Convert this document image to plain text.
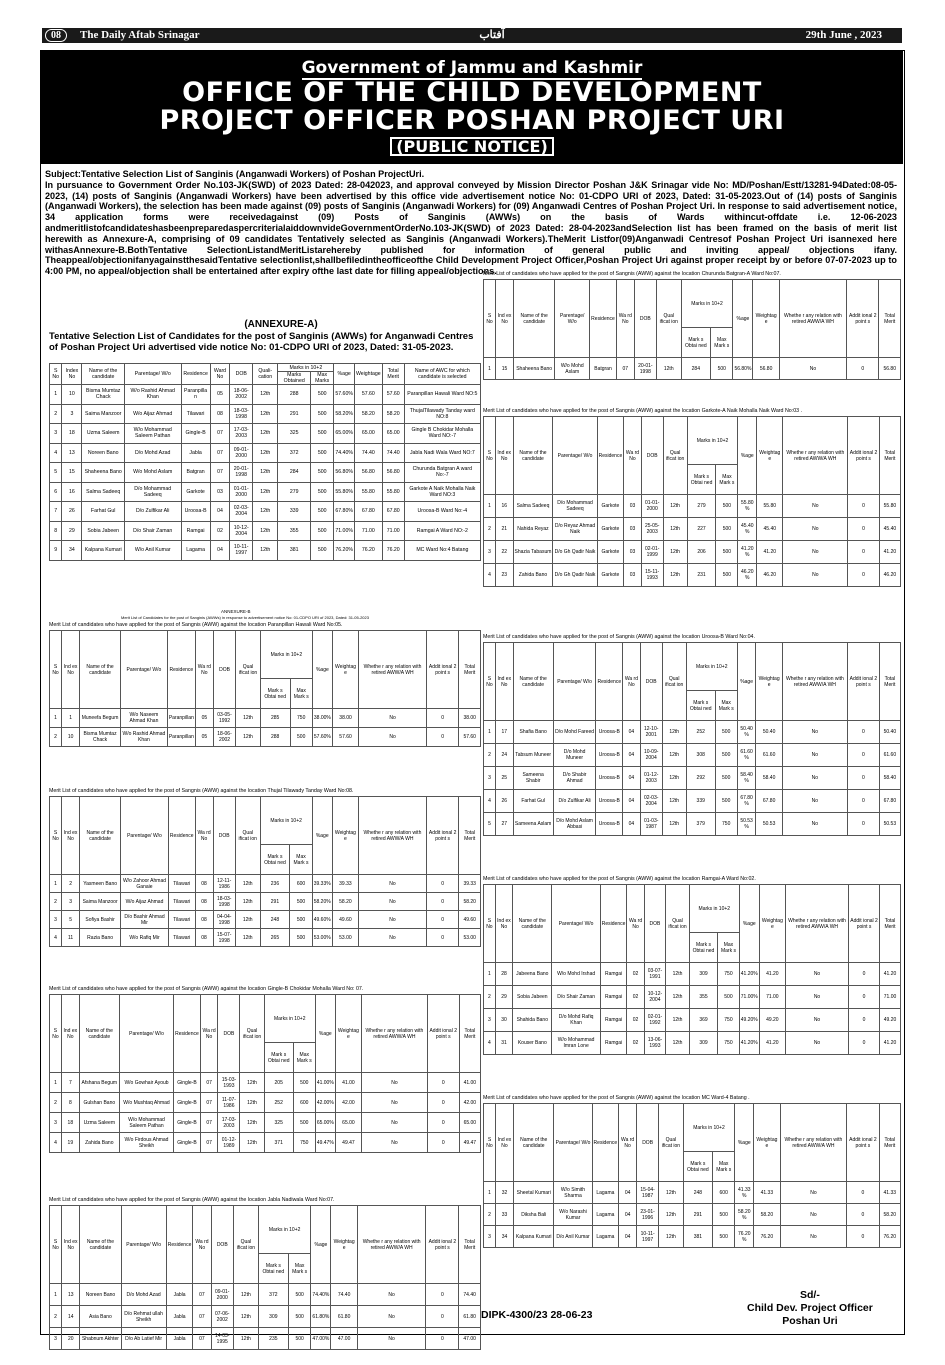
08	The Daily Aftab Srinagar	آفتاب	29th June , 2023
Government of Jammu and Kashmir
OFFICE OF THE CHILD DEVELOPMENT
PROJECT OFFICER POSHAN PROJECT URI
(PUBLIC NOTICE)
Subject:Tentative Selection List of Sanginis (Anganwadi Workers) of Poshan ProjectUri.
In pursuance to Government Order No.103-JK(SWD) of 2023 Dated: 28-042023, and approval conveyed by Mission Director Poshan J&K Srinagar vide No: MD/Poshan/Estt/13281-94Dated:08-05-2023, (14) posts of Sanginis (Anganwadi Workers) have been advertised by this office vide advertisement notice No: 01-CDPO URI of 2023, Dated: 31-05-2023.Out of (14) posts of Sanginis (Anganwadi Workers), the selection has been made against (09) posts of Sanginis (Anganwadi Workers) for (09) Anganwadi Centres of Poshan Project Uri. In response to said advertisement notice, 34 application forms were receivedagainst (09) Posts of Sanginis (AWWs) on the basis of Wards withincut-offdate i.e. 12-06-2023 andmeritlistofcandidateshasbeenpreparedaspercriterialaiddownvideGovernmentOrderNo.103-JK(SWD) of 2023 Dated: 28-04-2023andSelection list has been framed on the basis of merit list herewith as Annexure-A, comprising of 09 candidates Tentatively selected as Sanginis (Anganwadi Workers).TheMerit Listfor(09)Anganwadi Centresof Poshan Project Uri isannexed here withasAnnexure-B.BothTentative SelectionListandMeritListarehereby published for information of general public and inviting appeal/ objections ifany. Theappeal/objectionifanyagainstthesaidTentative selectionlist,shallbefiledintheofficeofthe Child Development Project Officer,Poshan Project Uri against proper receipt by or before 07-07-2023 up to 4:00 PM, no appeal/objection shall be entertained after expiry ofthe last date for filling appeal/objections.
(ANNEXURE-A)
Tentative Selection List of Candidates for the post of Sanginis (AWWs) for Anganwadi Centres of Poshan Project Uri advertised vide notice No: 01-CDPO URI of 2023, Dated: 31-05-2023.
S No	Index No	Name of the candidate	Parentage/ W/o	Residence	Ward No	DOB	Quali- cation	Marks in 10+2		%age	Weightage	Total Merit	Name of AWC for which candidate is selected
								Marks Obtained	Max Marks				
1	10	Bisma Mumtaz Chack	W/o Rashid Ahmad Khan	Paranpilla n	05	18-06-2002	12th	288	500	57.60%	57.60	57.60	Paranpillan Hawali Ward NO:5
2	3	Saima Manzoor	W/o Aijaz Ahmad	Tilawari	08	18-03-1998	12th	291	500	58.20%	58.20	58.20	ThujalTilawady Tanday ward NO:8
3	18	Uzma Saleem	W/o Mohammad Saleem Pathan	Gingle-B	07	17-03-2003	12th	325	500	65.00%	65.00	65.00	Gingle B Chokidar Mohalla Ward NO:-7
4	13	Noreen Bano	D/o Mohd Azad	Jabla	07	09-01-2000	12th	372	500	74.40%	74.40	74.40	Jabla Nadi Wala Ward NO:7
5	15	Shaheena Bano	W/o Mohd Aslam	Batgran	07	20-01-1998	12th	284	500	56.80%	56.80	56.80	Churunda Batgran A ward No:-7
6	16	Salma Sadeeq	D/o Mohammad Sadeeq	Garkote	03	01-01-2000	12th	279	500	55.80%	55.80	55.80	Garkote A Naik Mohalla Naik Ward NO:3
7	26	Farhat Gul	D/o Zulfikar Ali	Uroosa-B	04	02-03-2004	12th	339	500	67.80%	67.80	67.80	Uroosa-B Ward No:-4
8	29	Sobia Jabeen	D/o Shair Zaman	Ramgai	02	10-12-2004	12th	355	500	71.00%	71.00	71.00	Ramgai A Ward NO:-2
9	34	Kalpana Kumari	W/o Anil Kumar	Lagama	04	10-11-1997	12th	381	500	76.20%	76.20	76.20	MC Ward No:4 Batang
ANNEXURE-B
Merit List of Candidates for the post of Sanginis (AWWs) in response to advertisement notice No: 01-CDPO URI of 2023, Dated: 31-05-2023
Merit List of candidates who have applied for the post of Sangnis (AWW) against the location Paranpillan Hawali Ward No:05.
S No	Ind ex No	Name of the candidate	Parentage/ W/o	Residence	Wa rd No	DOB	Qual ificat ion	Marks in 10+2		%age	Weightag e	Whethe r any relation with retired AWW/A WH	Addit ional 2 point s	Total Merit
								Mark s Obtai ned	Max Mark s					
1	1	Muneefa Begum	W/o Naseem Ahmad Khan	Paranpillan	05	03-05-1992	12th	285	750	38.00%	38.00	No	0	38.00
2	10	Bisma Mumtaz Chack	W/o Rashid Ahmad Khan	Paranpillan	05	18-06-2002	12th	288	500	57.60%	57.60	No	0	57.60
Merit List of candidates who have applied for the post of Sangnis (AWW) against the location Thujal Tilawady Tanday Ward No:08.
S No	Ind ex No	Name of the candidate	Parentage/ W/o	Residence	Wa rd No	DOB	Qual ificat ion	Marks in 10+2		%age	Weightag e	Whethe r any relation with retired AWW/A WH	Addit ional 2 point s	Total Merit
								Mark s Obtai ned	Max Mark s					
1	2	Yasmeen Bano	W/o Zahoor Ahmad Ganaie	Tilawari	08	12-11-1986	12th	236	600	39.33%	39.33	No	0	39.33
2	3	Saima Manzoor	W/o Aijaz Ahmad	Tilawari	08	18-03-1998	12th	291	500	58.20%	58.20	No	0	58.20
3	5	Sofiya Bashir	D/o Bashir Ahmad Mir	Tilawari	08	04-04-1998	12th	248	500	49.60%	49.60	No	0	49.60
4	11	Razia Bano	W/o Rafiq Mir	Tilawari	08	15-07-1998	12th	265	500	53.00%	53.00	No	0	53.00
Merit List of candidates who have applied for the post of Sangnis (AWW) against the location Gingle-B Chokidar Mohalla Ward No: 07.
S No	Ind ex No	Name of the candidate	Parentage/ W/o	Residence	Wa rd No	DOB	Qual ificat ion	Marks in 10+2		%age	Weightag e	Whethe r any relation with retired AWW/A WH	Addit ional 2 point s	Total Merit
								Mark s Obtai ned	Max Mark s					
1	7	Afshana Begum	W/o Gowhair Ayoub	Gingle-B	07	15-03-1993	12th	205	500	41.00%	41.00	No	0	41.00
2	8	Gulshan Bano	W/o Mushtaq Ahmad	Gingle-B	07	11-07-1986	12th	252	600	42.00%	42.00	No	0	42.00
3	18	Uzma Saleem	W/o Mohammad Saleem Pathan	Gingle-B	07	17-03-2003	12th	325	500	65.00%	65.00	No	0	65.00
4	19	Zahida Bano	W/o Firdous Ahmad Sheikh	Gingle-B	07	01-12-1989	12th	371	750	49.47%	49.47	No	0	49.47
Merit List of candidates who have applied for the post of Sangnis (AWW) against the location Jabla Nadiwala Ward No:07.
S No	Ind ex No	Name of the candidate	Parentage/ W/o	Residence	Wa rd No	DOB	Qual ificat ion	Marks in 10+2		%age	Weightag e	Whethe r any relation with retired AWW/A WH	Addit ional 2 point s	Total Merit
								Mark s Obtai ned	Max Mark s					
1	13	Noreen Bano	D/o Mohd Azad	Jabla	07	09-01-2000	12th	372	500	74.40%	74.40	No	0	74.40
2	14	Asia Bano	D/o Rehmat ullah Sheikh	Jabla	07	07-06-2002	12th	309	500	61.80%	61.80	No	0	61.80
3	20	Shabnum Akhter	D/o Ab Latief Mir	Jabla	07	14-03-1995	12th	235	500	47.00%	47.00	No	0	47.00
Merit List of candidates who have applied for the post of Sangnis (AWW) against the location Churunda Batgran-A Ward No:07.
S No	Ind ex No	Name of the candidate	Parentage/ W/o	Residence	Wa rd No	DOB	Qual ificat ion	Marks in 10+2		%age	Weightag e	Whethe r any relation with retired AWW/A WH	Addit ional 2 point s	Total Merit
								Mark s Obtai ned	Max Mark s					
1	15	Shaheena Bano	W/o Mohd Aslam	Batgran	07	20-01-1998	12th	284	500	56.80%	56.80	No	0	56.80
Merit List of candidates who have applied for the post of Sangnis (AWW) against the location Garkote-A Naik Mohalla Naik Ward No:03 .
S No	Ind ex No	Name of the candidate	Parentage/ W/o	Residence	Wa rd No	DOB	Qual ificat ion	Marks in 10+2		%age	Weightag e	Whethe r any relation with retired AWW/A WH	Addit ional 2 point s	Total Merit
								Mark s Obtai ned	Max Mark s					
1	16	Salma Sadeeq	D/o Mohammad Sadeeq	Garkote	03	01-01-2000	12th	279	500	55.80 %	55.80	No	0	55.80
2	21	Nahida Reyaz	D/o Reyaz Ahmad Naik	Garkote	03	25-05-2003	12th	227	500	45.40 %	45.40	No	0	45.40
3	22	Shazia Tabasum	D/o Gh Qadir Naik	Garkote	03	02-01-1999	12th	206	500	41.20 %	41.20	No	0	41.20
4	23	Zahida Bano	D/o Gh Qadir Naik	Garkote	03	15-11-1993	12th	231	500	46.20 %	46.20	No	0	46.20
Merit List of candidates who have applied for the post of Sangnis (AWW) against the location Uroosa-B Ward No:04.
S No	Ind ex No	Name of the candidate	Parentage/ W/o	Residence	Wa rd No	DOB	Qual ificat ion	Marks in 10+2		%age	Weightag e	Whethe r any relation with retired AWW/A WH	Addit ional 2 point s	Total Merit
								Mark s Obtai ned	Max Mark s					
1	17	Shafia Bano	D/o Mohd Fareed	Uroosa-B	04	12-10-2001	12th	252	500	50.40 %	50.40	No	0	50.40
2	24	Tabsum Muneer	D/o Mohd Muneer	Uroosa-B	04	10-09-2004	12th	308	500	61.60 %	61.60	No	0	61.60
3	25	Sameena Shabir	D/o Shabir Ahmad	Uroosa-B	04	01-12-2003	12th	292	500	58.40 %	58.40	No	0	58.40
4	26	Farhat Gul	D/o Zulfikar Ali	Uroosa-B	04	02-03-2004	12th	339	500	67.80 %	67.80	No	0	67.80
5	27	Sameena Aslam	D/o Mohd Aslam Abbasi	Uroosa-B	04	01-03-1987	12th	379	750	50.53 %	50.53	No	0	50.53
Merit List of candidates who have applied for the post of Sangnis (AWW) against the location Ramgai-A Ward No:02.
S No	Ind ex No	Name of the candidate	Parentage/ W/o	Residence	Wa rd No	DOB	Qual ificat ion	Marks in 10+2		%age	Weightag e	Whethe r any relation with retired AWW/A WH	Addit ional 2 point s	Total Merit
								Mark s Obtai ned	Max Mark s					
1	28	Jabeena Bano	W/o Mohd Irshad	Ramgai	02	03-07-1991	12th	309	750	41.20%	41.20	No	0	41.20
2	29	Sobia Jabeen	D/o Shair Zaman	Ramgai	02	10-12-2004	12th	355	500	71.00%	71.00	No	0	71.00
3	30	Shahida Bano	D/o Mohd Rafiq Khan	Ramgai	02	02-01-1992	12th	369	750	49.20%	49.20	No	0	49.20
4	31	Kouser Bano	W/o Mohammad Imran Lone	Ramgai	02	13-06-1993	12th	309	750	41.20%	41.20	No	0	41.20
Merit List of candidates who have applied for the post of Sangnis (AWW) against the location MC Ward-4 Batang .
S No	Ind ex No	Name of the candidate	Parentage/ W/o	Residence	Wa rd No	DOB	Qual ificat ion	Marks in 10+2		%age	Weightag e	Whethe r any relation with retired AWW/A WH	Addit ional 2 point s	Total Merit
								Mark s Obtai ned	Max Mark s					
1	32	Sheetal Kumari	W/o Simith Sharma	Lagama	04	15-04-1987	12th	248	600	41.33 %	41.33	No	0	41.33
2	33	Diksha Bali	W/o Narashi Kumar	Lagama	04	23-01-1996	12th	291	500	58.20 %	58.20	No	0	58.20
3	34	Kalpana Kumari	D/o Anil Kumar	Lagama	04	10-11-1997	12th	381	500	76.20 %	76.20	No	0	76.20
DIPK-4300/23 28-06-23
Sd/-
Child Dev. Project Officer
Poshan Uri
